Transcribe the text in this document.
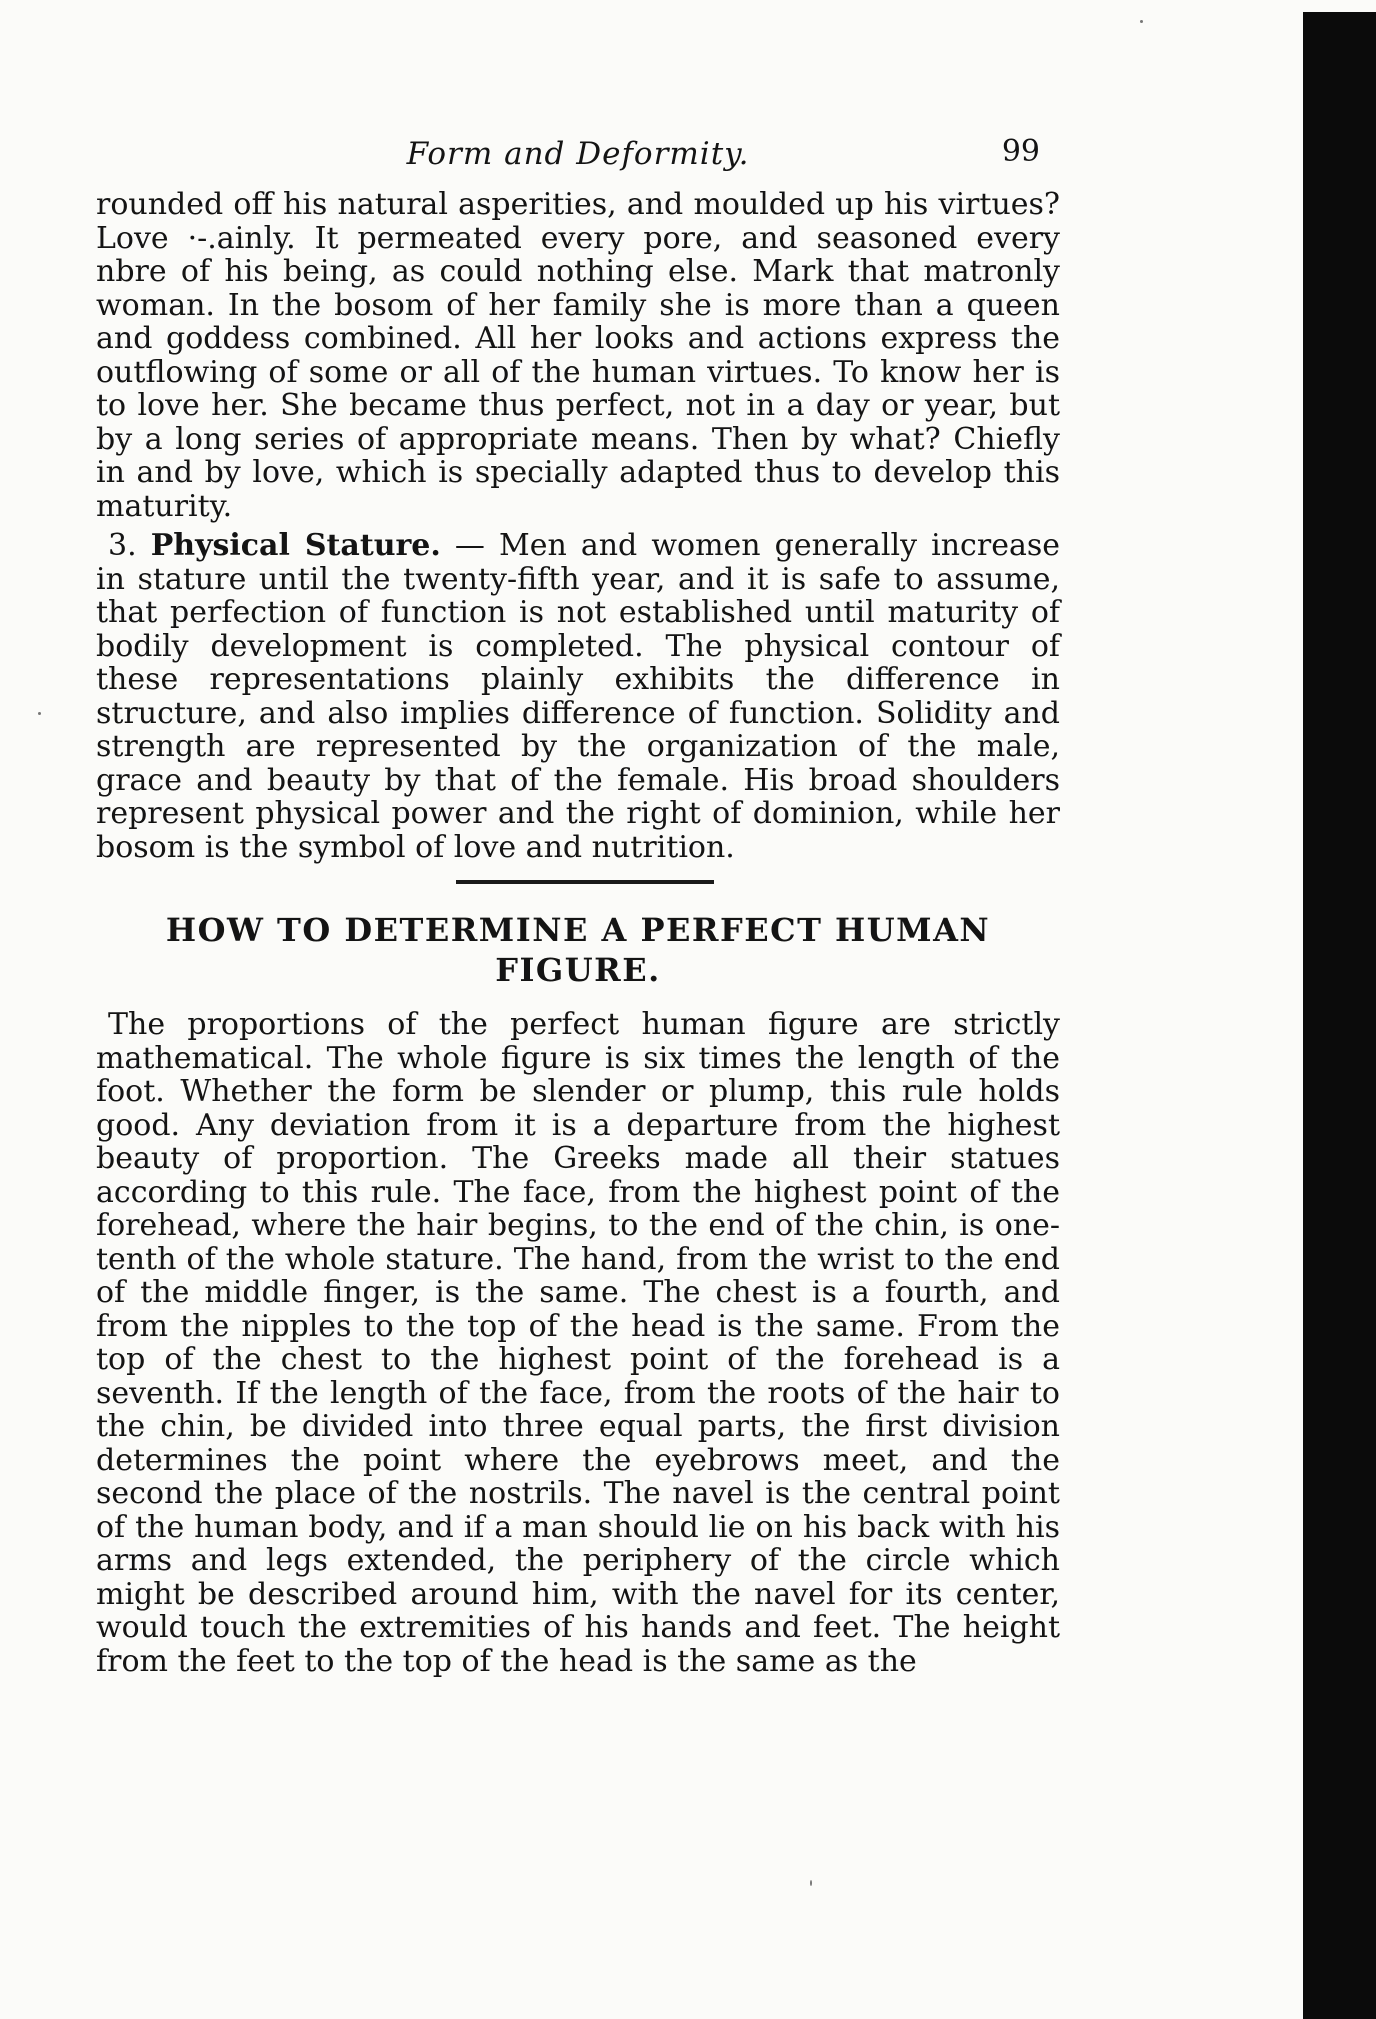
Form and Deformity.	99

rounded off his natural asperities, and moulded up his virtues? Love ·-.ainly. It permeated every pore, and seasoned every nbre of his being, as could nothing else. Mark that matronly woman. In the bosom of her family she is more than a queen and goddess combined. All her looks and actions express the outflowing of some or all of the human virtues. To know her is to love her. She became thus perfect, not in a day or year, but by a long series of appropriate means. Then by what? Chiefly in and by love, which is specially adapted thus to develop this maturity.

3. Physical Stature. — Men and women generally increase in stature until the twenty-fifth year, and it is safe to assume, that perfection of function is not established until maturity of bodily development is completed. The physical contour of these representations plainly exhibits the difference in structure, and also implies difference of function. Solidity and strength are represented by the organization of the male, grace and beauty by that of the female. His broad shoulders represent physical power and the right of dominion, while her bosom is the symbol of love and nutrition.

HOW TO DETERMINE A PERFECT HUMAN
FIGURE.

The proportions of the perfect human figure are strictly mathematical. The whole figure is six times the length of the foot. Whether the form be slender or plump, this rule holds good. Any deviation from it is a departure from the highest beauty of proportion. The Greeks made all their statues according to this rule. The face, from the highest point of the forehead, where the hair begins, to the end of the chin, is one-tenth of the whole stature. The hand, from the wrist to the end of the middle finger, is the same. The chest is a fourth, and from the nipples to the top of the head is the same. From the top of the chest to the highest point of the forehead is a seventh. If the length of the face, from the roots of the hair to the chin, be divided into three equal parts, the first division determines the point where the eyebrows meet, and the second the place of the nostrils. The navel is the central point of the human body, and if a man should lie on his back with his arms and legs extended, the periphery of the circle which might be described around him, with the navel for its center, would touch the extremities of his hands and feet. The height from the feet to the top of the head is the same as the
